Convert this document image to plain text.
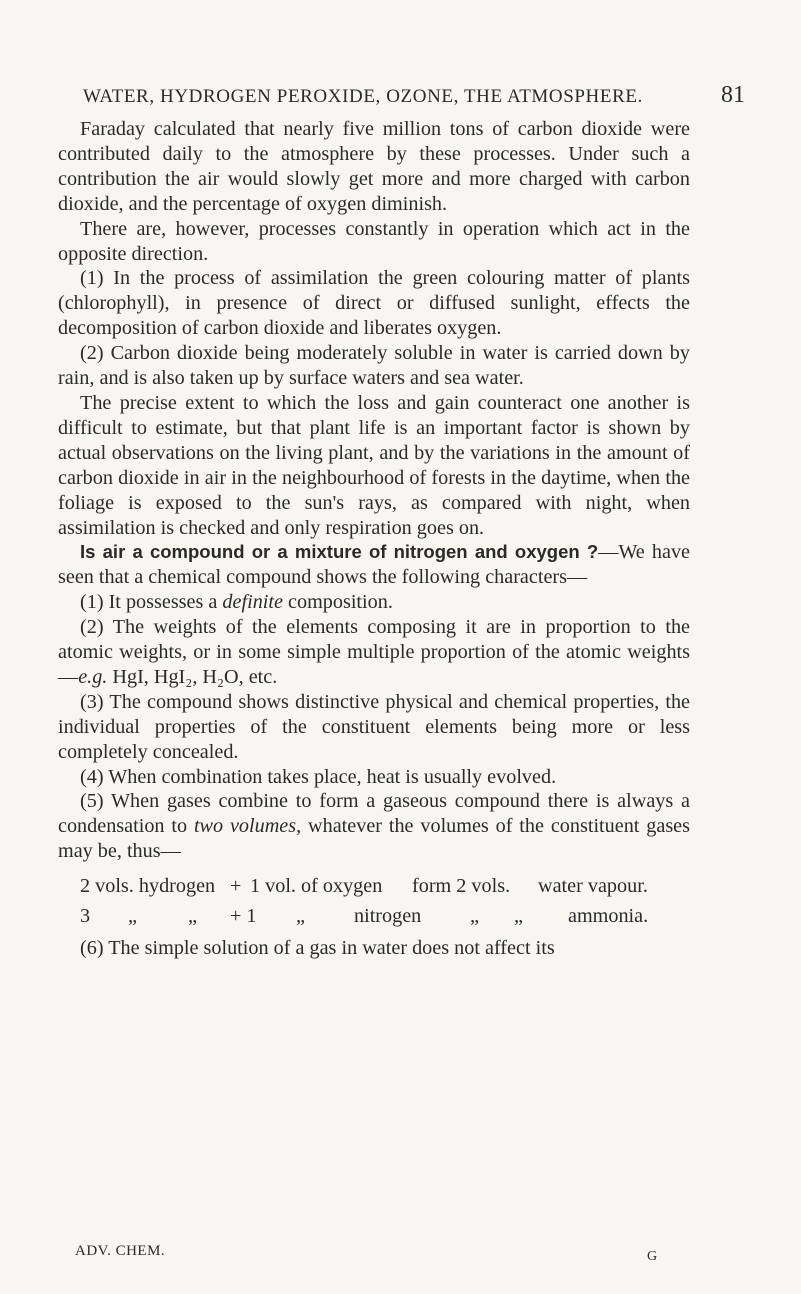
WATER, HYDROGEN PEROXIDE, OZONE, THE ATMOSPHERE.	81

Faraday calculated that nearly five million tons of carbon dioxide were contributed daily to the atmosphere by these processes. Under such a contribution the air would slowly get more and more charged with carbon dioxide, and the percentage of oxygen diminish.

There are, however, processes constantly in operation which act in the opposite direction.

(1) In the process of assimilation the green colouring matter of plants (chlorophyll), in presence of direct or diffused sunlight, effects the decomposition of carbon dioxide and liberates oxygen.

(2) Carbon dioxide being moderately soluble in water is carried down by rain, and is also taken up by surface waters and sea water.

The precise extent to which the loss and gain counteract one another is difficult to estimate, but that plant life is an important factor is shown by actual observations on the living plant, and by the variations in the amount of carbon dioxide in air in the neighbourhood of forests in the daytime, when the foliage is exposed to the sun's rays, as compared with night, when assimilation is checked and only respiration goes on.

Is air a compound or a mixture of nitrogen and oxygen ?—We have seen that a chemical compound shows the following characters—

(1) It possesses a definite composition.

(2) The weights of the elements composing it are in proportion to the atomic weights, or in some simple multiple proportion of the atomic weights—e.g. HgI, HgI₂, H₂O, etc.

(3) The compound shows distinctive physical and chemical properties, the individual properties of the constituent elements being more or less completely concealed.

(4) When combination takes place, heat is usually evolved.

(5) When gases combine to form a gaseous compound there is always a condensation to two volumes, whatever the volumes of the constituent gases may be, thus—

2 vols. hydrogen + 1 vol. of oxygen form 2 vols. water vapour.
3 „	„ + 1 „ nitrogen „ „ ammonia.

(6) The simple solution of a gas in water does not affect its

ADV. CHEM.	G
